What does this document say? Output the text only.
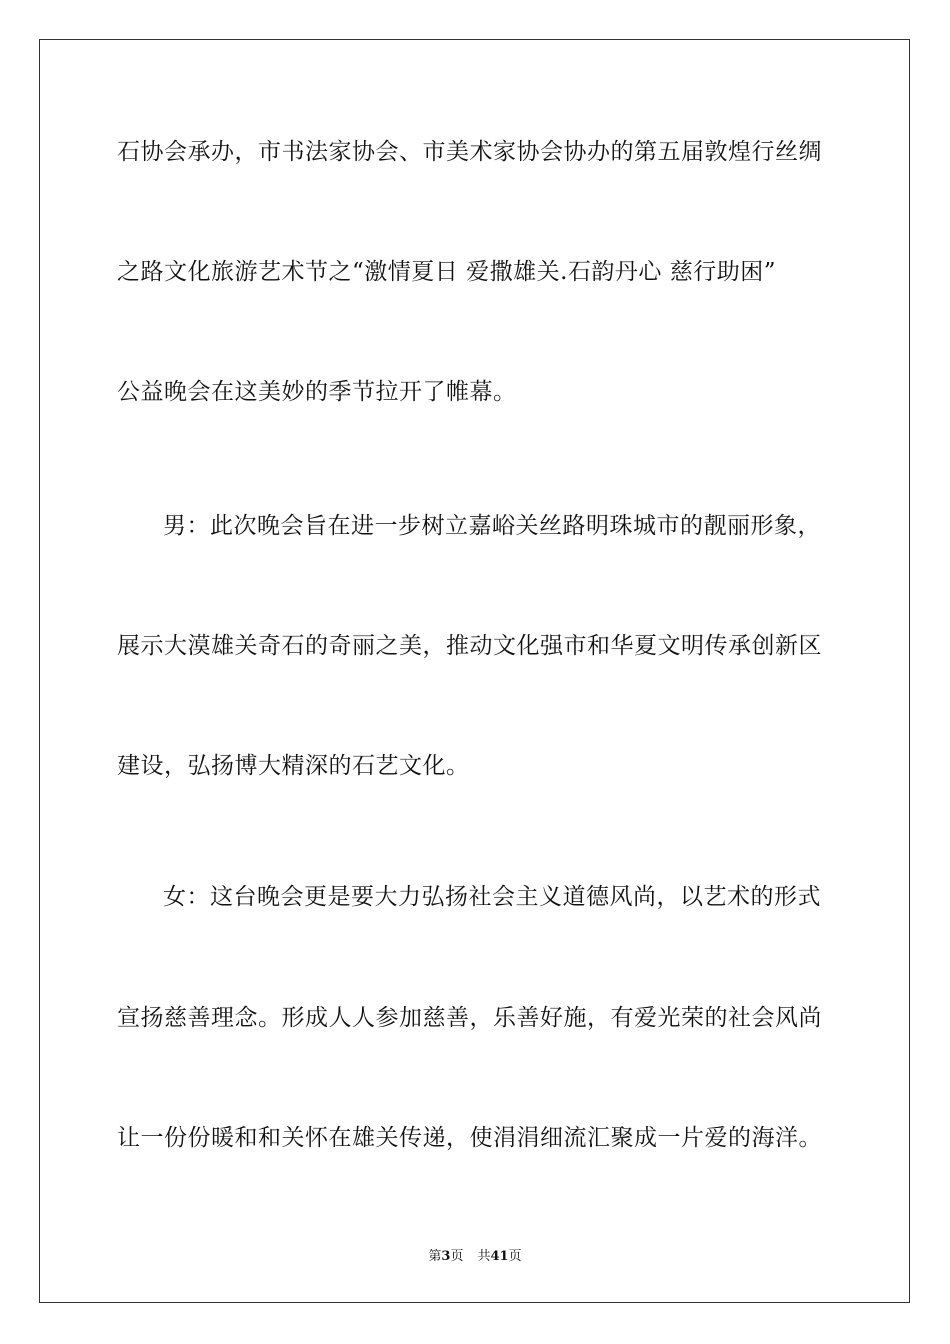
石协会承办，市书法家协会、市美术家协会协办的第五届敦煌行丝绸
之路文化旅游艺术节之“激情夏日 爱撒雄关.石韵丹心 慈行助困”
公益晚会在这美妙的季节拉开了帷幕。
男：此次晚会旨在进一步树立嘉峪关丝路明珠城市的靓丽形象，
展示大漠雄关奇石的奇丽之美，推动文化强市和华夏文明传承创新区
建设，弘扬博大精深的石艺文化。
女：这台晚会更是要大力弘扬社会主义道德风尚，以艺术的形式
宣扬慈善理念。形成人人参加慈善，乐善好施，有爱光荣的社会风尚
让一份份暖和和关怀在雄关传递，使涓涓细流汇聚成一片爱的海洋。
第3页 共41页
